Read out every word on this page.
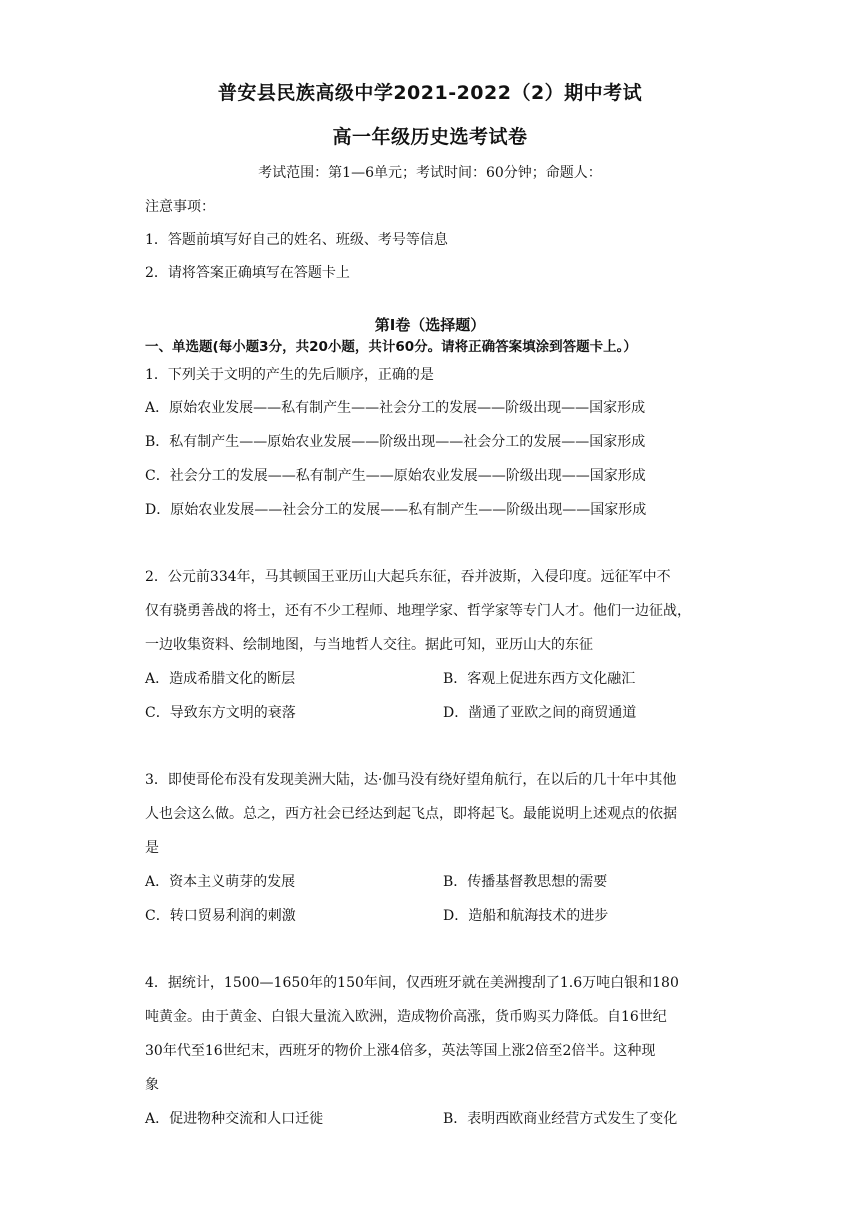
普安县民族高级中学2021-2022（2）期中考试
高一年级历史选考试卷
考试范围：第1—6单元；考试时间：60分钟；命题人：
注意事项：
1．答题前填写好自己的姓名、班级、考号等信息
2．请将答案正确填写在答题卡上
第I卷（选择题）
一、单选题(每小题3分，共20小题，共计60分。请将正确答案填涂到答题卡上。）
1．下列关于文明的产生的先后顺序，正确的是
A．原始农业发展——私有制产生——社会分工的发展——阶级出现——国家形成
B．私有制产生——原始农业发展——阶级出现——社会分工的发展——国家形成
C．社会分工的发展——私有制产生——原始农业发展——阶级出现——国家形成
D．原始农业发展——社会分工的发展——私有制产生——阶级出现——国家形成
2．公元前334年，马其顿国王亚历山大起兵东征，吞并波斯，入侵印度。远征军中不
仅有骁勇善战的将士，还有不少工程师、地理学家、哲学家等专门人才。他们一边征战，
一边收集资料、绘制地图，与当地哲人交往。据此可知，亚历山大的东征
A．造成希腊文化的断层	B．客观上促进东西方文化融汇
C．导致东方文明的衰落	D．凿通了亚欧之间的商贸通道
3．即使哥伦布没有发现美洲大陆，达·伽马没有绕好望角航行，在以后的几十年中其他
人也会这么做。总之，西方社会已经达到起飞点，即将起飞。最能说明上述观点的依据
是
A．资本主义萌芽的发展	B．传播基督教思想的需要
C．转口贸易利润的刺激	D．造船和航海技术的进步
4．据统计，1500—1650年的150年间，仅西班牙就在美洲搜刮了1.6万吨白银和180
吨黄金。由于黄金、白银大量流入欧洲，造成物价高涨，货币购买力降低。自16世纪
30年代至16世纪末，西班牙的物价上涨4倍多，英法等国上涨2倍至2倍半。这种现
象
A．促进物种交流和人口迁徙	B．表明西欧商业经营方式发生了变化
